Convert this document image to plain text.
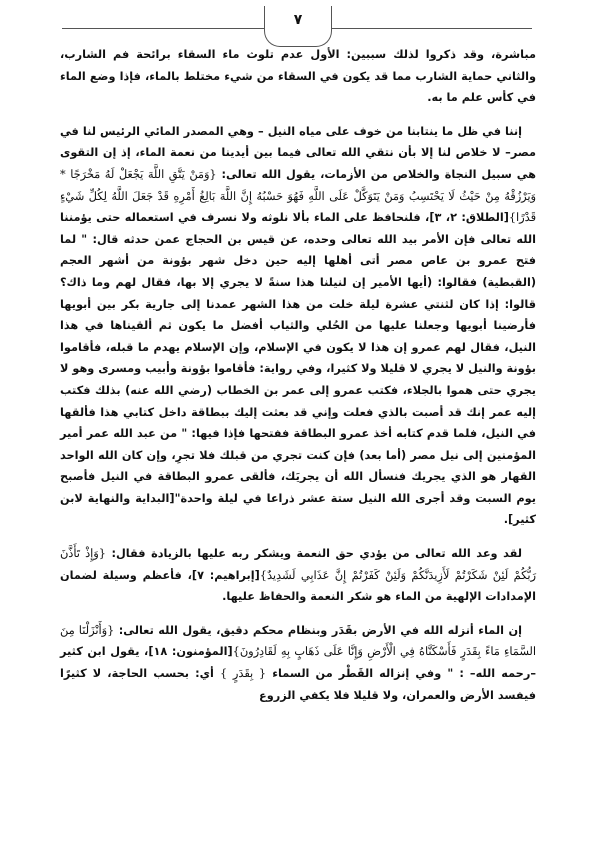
٧

مباشرة، وقد ذكروا لذلك سببين: الأول عدم تلوث ماء السقاء برائحة فم الشارب، والثاني حماية الشارب مما قد يكون في السقاء من شيء مختلط بالماء، فإذا وضع الماء في كأس علم ما به.

إننا في ظل ما ينتابنا من خوف على مياه النيل – وهي المصدر المائي الرئيس لنا في مصر– لا خلاص لنا إلا بأن نتقي الله تعالى فيما بين أيدينا من نعمة الماء، إذ إن التقوى هي سبيل النجاة والخلاص من الأزمات، يقول الله تعالى: {وَمَنْ يَتَّقِ اللَّهَ يَجْعَلْ لَهُ مَخْرَجًا * وَيَرْزُقْهُ مِنْ حَيْثُ لَا يَحْتَسِبُ وَمَنْ يَتَوَكَّلْ عَلَى اللَّهِ فَهُوَ حَسْبُهُ إِنَّ اللَّهَ بَالِغُ أَمْرِهِ قَدْ جَعَلَ اللَّهُ لِكُلِّ شَيْءٍ قَدْرًا}[الطلاق: ٢، ٣]، فلنحافظ على الماء بألا نلوثه ولا نسرف في استعماله حتى يؤمننا الله تعالى فإن الأمر بيد الله تعالى وحده، عن قيس بن الحجاج عمن حدثه قال: " لما فتح عمرو بن عاص مصر أتى أهلها إليه حين دخل شهر بؤونة من أشهر العجم (القبطية) فقالوا: (أيها الأمير إن لنيلنا هذا سنةً لا يجري إلا بها، فقال لهم وما ذاك؟ قالوا: إذا كان لثنتي عشرة ليلة خلت من هذا الشهر عمدنا إلى جارية بكر بين أبويها فأرضينا أبويها وجعلنا عليها من الحُلي والثياب أفضل ما يكون ثم ألقيناها في هذا النيل، فقال لهم عمرو إن هذا لا يكون في الإسلام، وإن الإسلام يهدم ما قبله، فأقاموا بؤونة والنيل لا يجري لا قليلا ولا كثيرا، وفي رواية: فأقاموا بؤونة وأبيب ومسرى وهو لا يجري حتى هموا بالجلاء، فكتب عمرو إلى عمر بن الخطاب (رضي الله عنه) بذلك فكتب إليه عمر إنك قد أصبت بالذي فعلت وإني قد بعثت إليك ببطاقة داخل كتابي هذا فألقها في النيل، فلما قدم كتابه أخذ عمرو البطاقة ففتحها فإذا فيها: " من عبد الله عمر أمير المؤمنين إلى نيل مصر (أما بعد) فإن كنت تجري من قبلك فلا تجرِ، وإن كان الله الواحد القهار هو الذي يجريك فنسأل الله أن يجريَك، فألقى عمرو البطاقة في النيل فأصبح يوم السبت وقد أجرى الله النيل ستة عشر ذراعا في ليلة واحدة"[البداية والنهاية لابن كثير].

لقد وعد الله تعالى من يؤدي حق النعمة ويشكر ربه عليها بالزيادة فقال: {وَإِذْ تَأَذَّنَ رَبُّكُمْ لَئِنْ شَكَرْتُمْ لَأَزِيدَنَّكُمْ وَلَئِنْ كَفَرْتُمْ إِنَّ عَذَابِي لَشَدِيدٌ}[إبراهيم: ٧]، فأعظم وسيلة لضمان الإمدادات الإلهية من الماء هو شكر النعمة والحفاظ عليها.

إن الماء أنزله الله في الأرض بقَدَر وبنظام محكم دقيق، يقول الله تعالى: {وَأَنْزَلْنَا مِنَ السَّمَاءِ مَاءً بِقَدَرٍ فَأَسْكَنَّاهُ فِي الْأَرْضِ وَإِنَّا عَلَى ذَهَابٍ بِهِ لَقَادِرُونَ}[المؤمنون: ١٨]، يقول ابن كثير –رحمه الله– : " وفي إنزاله القَطْر من السماء { بِقَدَرٍ } أي: بحسب الحاجة، لا كثيرًا فيفسد الأرض والعمران، ولا قليلا فلا يكفي الزروع
